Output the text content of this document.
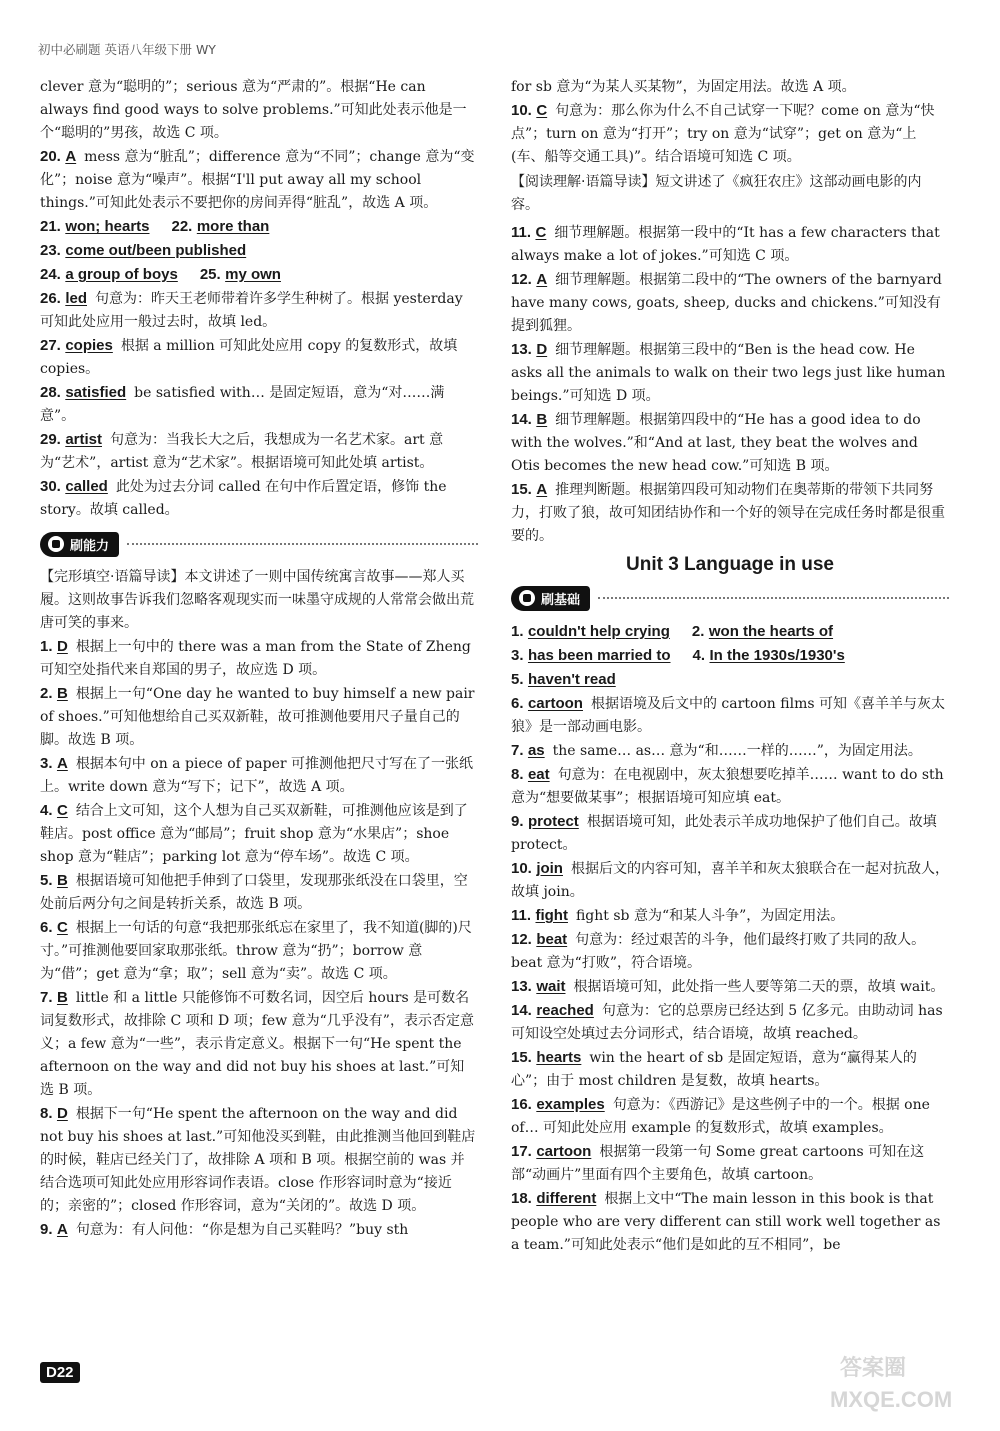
初中必刷题 英语八年级下册 WY
clever 意为“聪明的”；serious 意为“严肃的”。根据“He can always find good ways to solve problems.”可知此处表示他是一个“聪明的”男孩，故选 C 项。
20. A mess 意为“脏乱”；difference 意为“不同”；change 意为“变化”；noise 意为“噪声”。根据“I'll put away all my school things.”可知此处表示不要把你的房间弄得“脏乱”，故选 A 项。
21. won; hearts 22. more than
23. come out/been published
24. a group of boys 25. my own
26. led 句意为：昨天王老师带着许多学生种树了。根据 yesterday 可知此处应用一般过去时，故填 led。
27. copies 根据 a million 可知此处应用 copy 的复数形式，故填 copies。
28. satisfied be satisfied with… 是固定短语，意为“对……满意”。
29. artist 句意为：当我长大之后，我想成为一名艺术家。art 意为“艺术”，artist 意为“艺术家”。根据语境可知此处填 artist。
30. called 此处为过去分词 called 在句中作后置定语，修饰 the story。故填 called。
刷能力
【完形填空·语篇导读】本文讲述了一则中国传统寓言故事——郑人买履。这则故事告诉我们忽略客观现实而一味墨守成规的人常常会做出荒唐可笑的事来。
1. D 根据上一句中的 there was a man from the State of Zheng 可知空处指代来自郑国的男子，故应选 D 项。
2. B 根据上一句“One day he wanted to buy himself a new pair of shoes.”可知他想给自己买双新鞋，故可推测他要用尺子量自己的脚。故选 B 项。
3. A 根据本句中 on a piece of paper 可推测他把尺寸写在了一张纸上。write down 意为“写下；记下”，故选 A 项。
4. C 结合上文可知，这个人想为自己买双新鞋，可推测他应该是到了鞋店。post office 意为“邮局”；fruit shop 意为“水果店”；shoe shop 意为“鞋店”；parking lot 意为“停车场”。故选 C 项。
5. B 根据语境可知他把手伸到了口袋里，发现那张纸没在口袋里，空处前后两分句之间是转折关系，故选 B 项。
6. C 根据上一句话的句意“我把那张纸忘在家里了，我不知道(脚的)尺寸。”可推测他要回家取那张纸。throw 意为“扔”；borrow 意为“借”；get 意为“拿；取”；sell 意为“卖”。故选 C 项。
7. B little 和 a little 只能修饰不可数名词，因空后 hours 是可数名词复数形式，故排除 C 项和 D 项；few 意为“几乎没有”，表示否定意义；a few 意为“一些”，表示肯定意义。根据下一句“He spent the afternoon on the way and did not buy his shoes at last.”可知选 B 项。
8. D 根据下一句“He spent the afternoon on the way and did not buy his shoes at last.”可知他没买到鞋，由此推测当他回到鞋店的时候，鞋店已经关门了，故排除 A 项和 B 项。根据空前的 was 并结合选项可知此处应用形容词作表语。close 作形容词时意为“接近的；亲密的”；closed 作形容词，意为“关闭的”。故选 D 项。
9. A 句意为：有人问他：“你是想为自己买鞋吗？”buy sth
for sb 意为“为某人买某物”，为固定用法。故选 A 项。
10. C 句意为：那么你为什么不自己试穿一下呢？come on 意为“快点”；turn on 意为“打开”；try on 意为“试穿”；get on 意为“上(车、船等交通工具)”。结合语境可知选 C 项。
【阅读理解·语篇导读】短文讲述了《疯狂农庄》这部动画电影的内容。
11. C 细节理解题。根据第一段中的“It has a few characters that always make a lot of jokes.”可知选 C 项。
12. A 细节理解题。根据第二段中的“The owners of the barnyard have many cows, goats, sheep, ducks and chickens.”可知没有提到狐狸。
13. D 细节理解题。根据第三段中的“Ben is the head cow. He asks all the animals to walk on their two legs just like human beings.”可知选 D 项。
14. B 细节理解题。根据第四段中的“He has a good idea to do with the wolves.”和“And at last, they beat the wolves and Otis becomes the new head cow.”可知选 B 项。
15. A 推理判断题。根据第四段可知动物们在奥蒂斯的带领下共同努力，打败了狼，故可知团结协作和一个好的领导在完成任务时都是很重要的。
Unit 3 Language in use
刷基础
1. couldn't help crying 2. won the hearts of
3. has been married to 4. In the 1930s/1930's
5. haven't read
6. cartoon 根据语境及后文中的 cartoon films 可知《喜羊羊与灰太狼》是一部动画电影。
7. as the same… as… 意为“和……一样的……”，为固定用法。
8. eat 句意为：在电视剧中，灰太狼想要吃掉羊…… want to do sth 意为“想要做某事”；根据语境可知应填 eat。
9. protect 根据语境可知，此处表示羊成功地保护了他们自己。故填 protect。
10. join 根据后文的内容可知，喜羊羊和灰太狼联合在一起对抗敌人，故填 join。
11. fight fight sb 意为“和某人斗争”，为固定用法。
12. beat 句意为：经过艰苦的斗争，他们最终打败了共同的敌人。beat 意为“打败”，符合语境。
13. wait 根据语境可知，此处指一些人要等第二天的票，故填 wait。
14. reached 句意为：它的总票房已经达到 5 亿多元。由助动词 has 可知设空处填过去分词形式，结合语境，故填 reached。
15. hearts win the heart of sb 是固定短语，意为“赢得某人的心”；由于 most children 是复数，故填 hearts。
16. examples 句意为：《西游记》是这些例子中的一个。根据 one of… 可知此处应用 example 的复数形式，故填 examples。
17. cartoon 根据第一段第一句 Some great cartoons 可知在这部“动画片”里面有四个主要角色，故填 cartoon。
18. different 根据上文中“The main lesson in this book is that people who are very different can still work well together as a team.”可知此处表示“他们是如此的互不相同”，be
D22	答案圈
MXQE.COM
